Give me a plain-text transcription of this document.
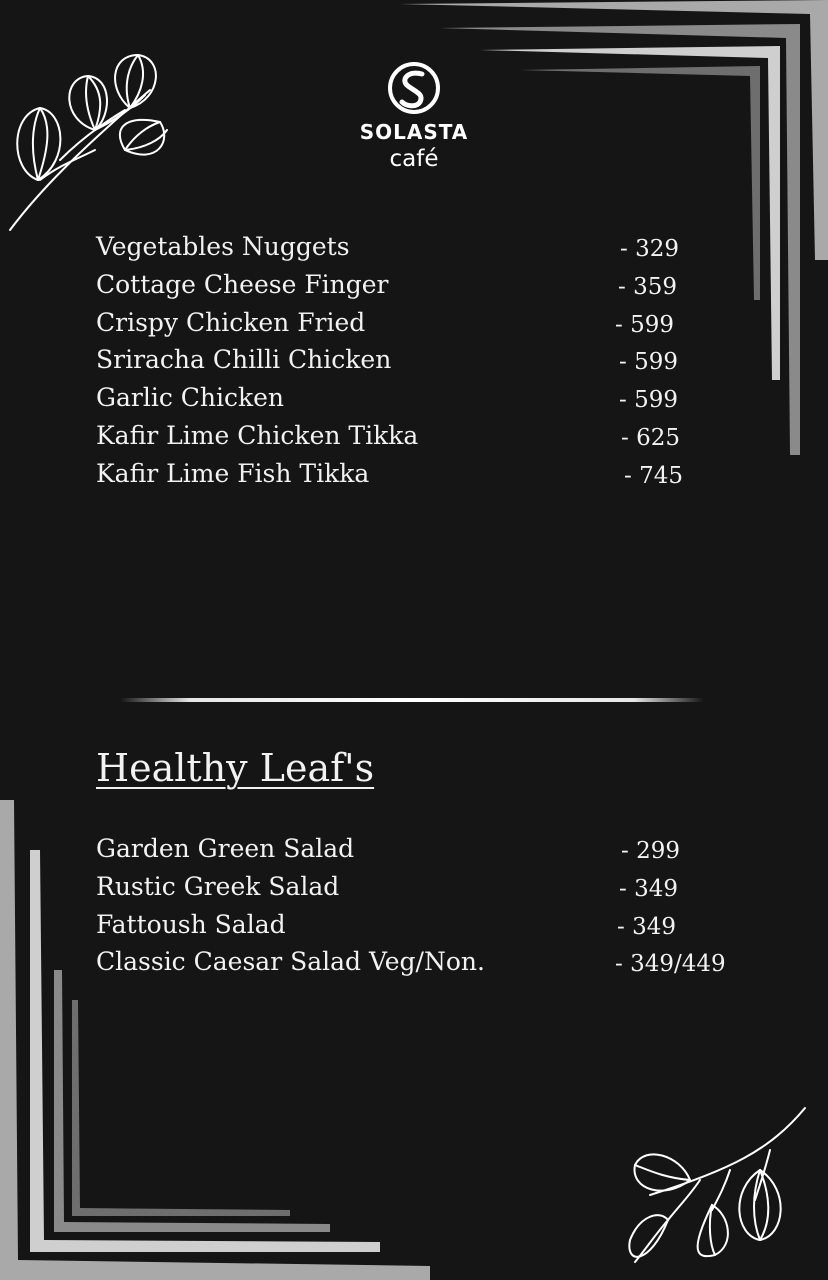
SOLASTA
café
Vegetables Nuggets	- 329
Cottage Cheese Finger	- 359
Crispy Chicken Fried	- 599
Sriracha Chilli Chicken	- 599
Garlic Chicken	- 599
Kafir Lime Chicken Tikka	- 625
Kafir Lime Fish Tikka	- 745
Healthy Leaf's
Garden Green Salad	- 299
Rustic Greek Salad	- 349
Fattoush Salad	- 349
Classic Caesar Salad Veg/Non.	- 349/449
